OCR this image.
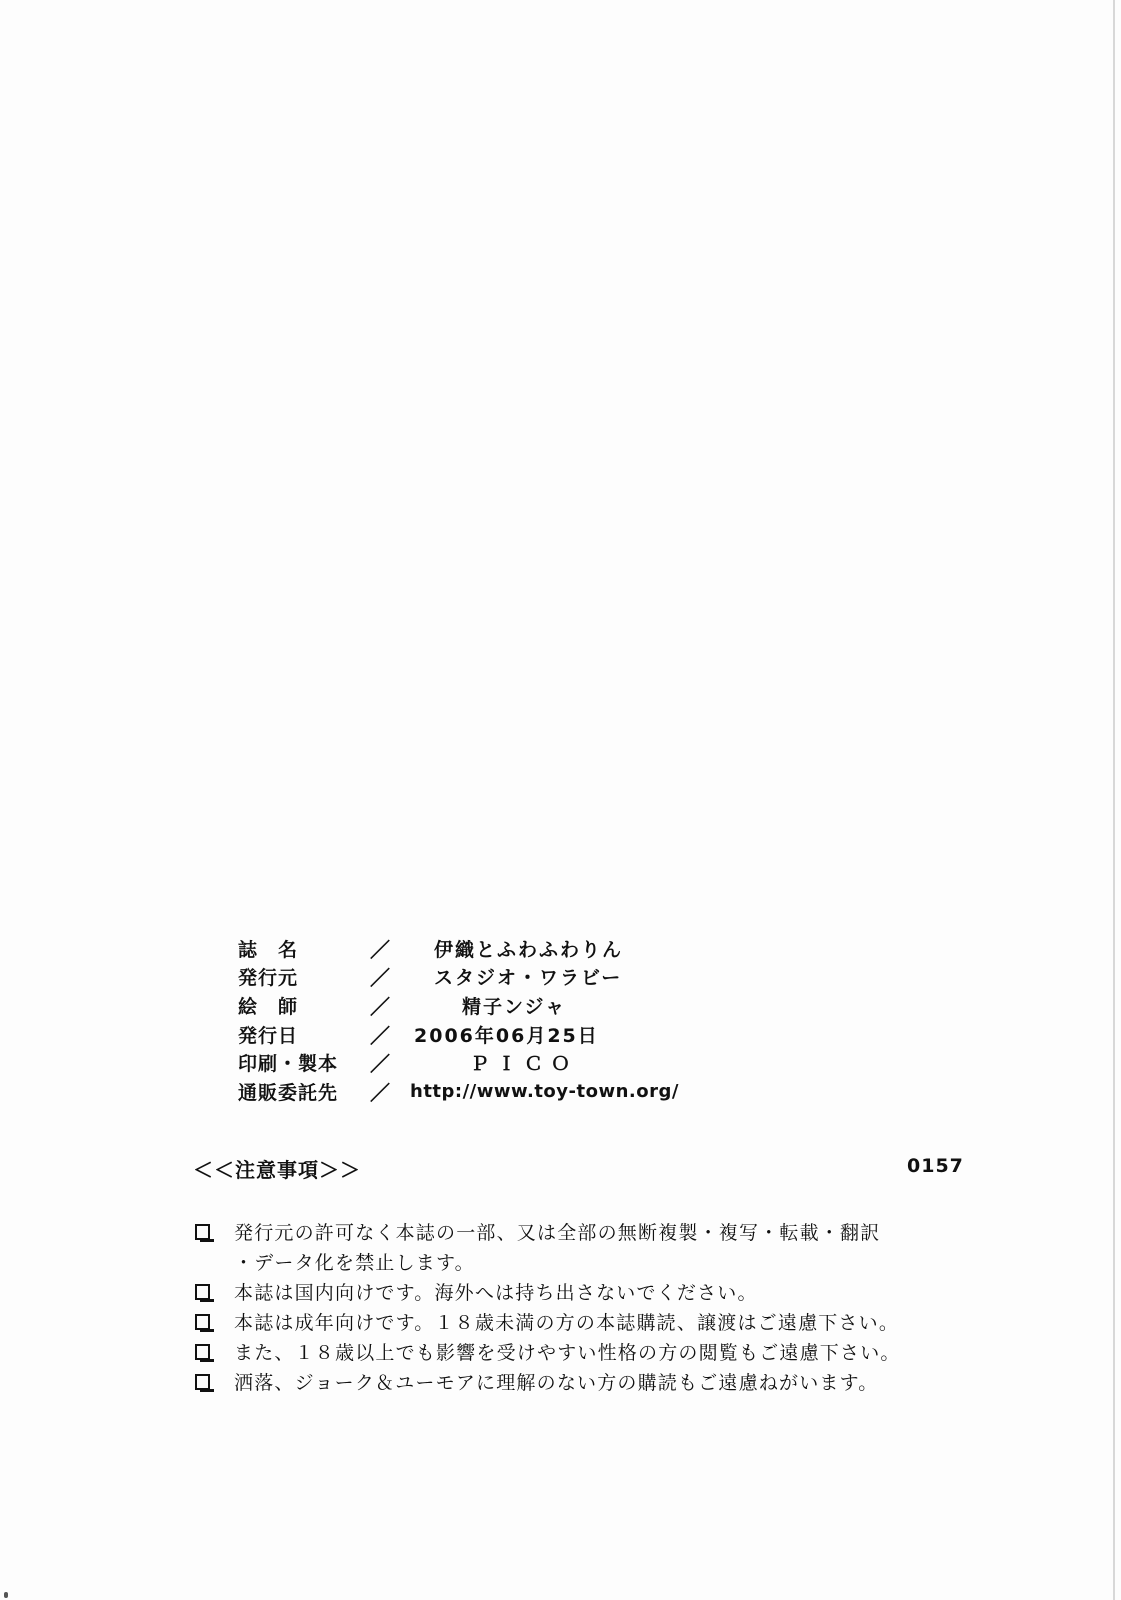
誌　名	／	伊織とふわふわりん
発行元	／	スタジオ・ワラビー
絵　師	／	精子ンジャ
発行日	／	2006年06月25日
印刷・製本	／	ＰＩＣＯ
通販委託先	／	http://www.toy-town.org/
＜＜注意事項＞＞	0157
発行元の許可なく本誌の一部、又は全部の無断複製・複写・転載・翻訳
・データ化を禁止します。
本誌は国内向けです。海外へは持ち出さないでください。
本誌は成年向けです。１８歳未満の方の本誌購読、譲渡はご遠慮下さい。
また、１８歳以上でも影響を受けやすい性格の方の閲覧もご遠慮下さい。
洒落、ジョーク＆ユーモアに理解のない方の購読もご遠慮ねがいます。
